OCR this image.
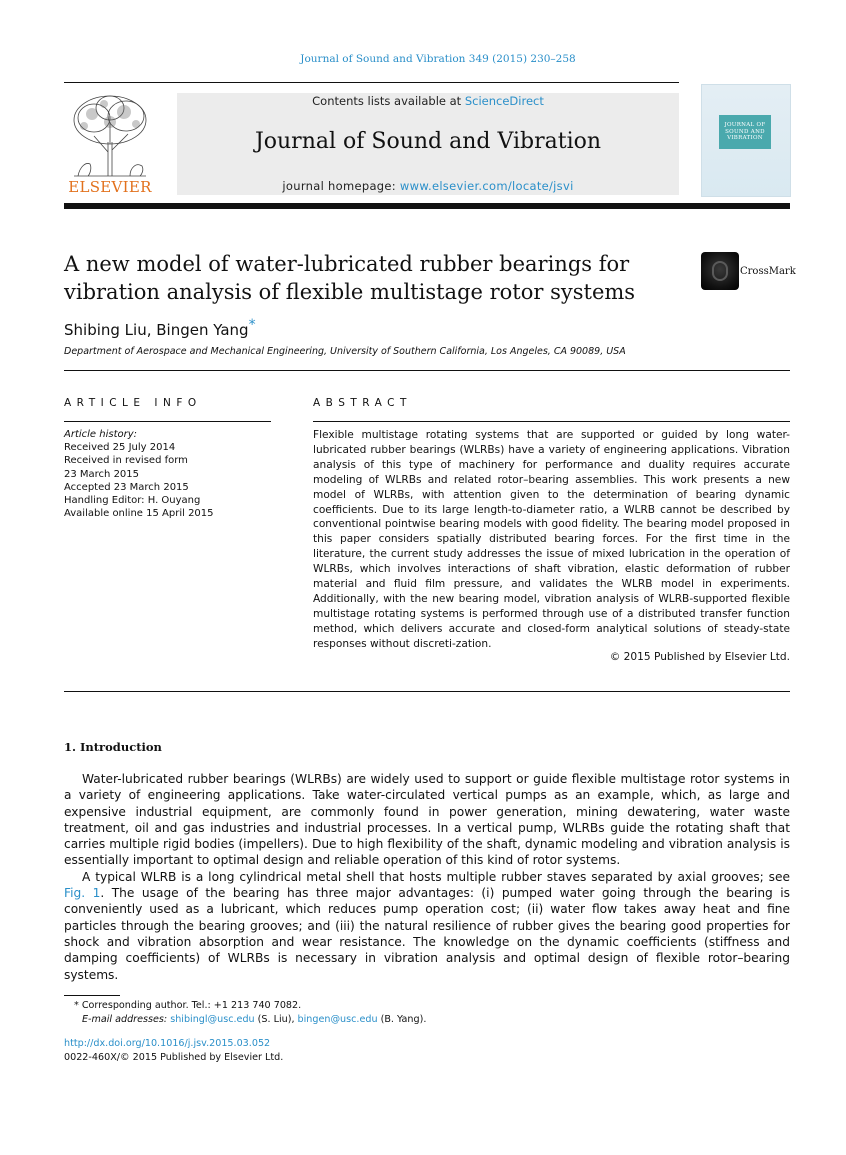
Journal of Sound and Vibration 349 (2015) 230–258
ELSEVIER
Contents lists available at ScienceDirect
Journal of Sound and Vibration
journal homepage: www.elsevier.com/locate/jsvi
JOURNAL OF SOUND AND VIBRATION
A new model of water-lubricated rubber bearings for vibration analysis of flexible multistage rotor systems
CrossMark
Shibing Liu, Bingen Yang*
Department of Aerospace and Mechanical Engineering, University of Southern California, Los Angeles, CA 90089, USA
ARTICLE INFO
Article history:
Received 25 July 2014
Received in revised form
23 March 2015
Accepted 23 March 2015
Handling Editor: H. Ouyang
Available online 15 April 2015
ABSTRACT
Flexible multistage rotating systems that are supported or guided by long water-lubricated rubber bearings (WLRBs) have a variety of engineering applications. Vibration analysis of this type of machinery for performance and duality requires accurate modeling of WLRBs and related rotor–bearing assemblies. This work presents a new model of WLRBs, with attention given to the determination of bearing dynamic coefficients. Due to its large length-to-diameter ratio, a WLRB cannot be described by conventional pointwise bearing models with good fidelity. The bearing model proposed in this paper considers spatially distributed bearing forces. For the first time in the literature, the current study addresses the issue of mixed lubrication in the operation of WLRBs, which involves interactions of shaft vibration, elastic deformation of rubber material and fluid film pressure, and validates the WLRB model in experiments. Additionally, with the new bearing model, vibration analysis of WLRB-supported flexible multistage rotating systems is performed through use of a distributed transfer function method, which delivers accurate and closed-form analytical solutions of steady-state responses without discreti-zation.
© 2015 Published by Elsevier Ltd.
1. Introduction

Water-lubricated rubber bearings (WLRBs) are widely used to support or guide flexible multistage rotor systems in a variety of engineering applications. Take water-circulated vertical pumps as an example, which, as large and expensive industrial equipment, are commonly found in power generation, mining dewatering, water waste treatment, oil and gas industries and industrial processes. In a vertical pump, WLRBs guide the rotating shaft that carries multiple rigid bodies (impellers). Due to high flexibility of the shaft, dynamic modeling and vibration analysis is essentially important to optimal design and reliable operation of this kind of rotor systems.

A typical WLRB is a long cylindrical metal shell that hosts multiple rubber staves separated by axial grooves; see Fig. 1. The usage of the bearing has three major advantages: (i) pumped water going through the bearing is conveniently used as a lubricant, which reduces pump operation cost; (ii) water flow takes away heat and fine particles through the bearing grooves; and (iii) the natural resilience of rubber gives the bearing good properties for shock and vibration absorption and wear resistance. The knowledge on the dynamic coefficients (stiffness and damping coefficients) of WLRBs is necessary in vibration analysis and optimal design of flexible rotor–bearing systems.

* Corresponding author. Tel.: +1 213 740 7082.
E-mail addresses: shibingl@usc.edu (S. Liu), bingen@usc.edu (B. Yang).
http://dx.doi.org/10.1016/j.jsv.2015.03.052
0022-460X/© 2015 Published by Elsevier Ltd.
